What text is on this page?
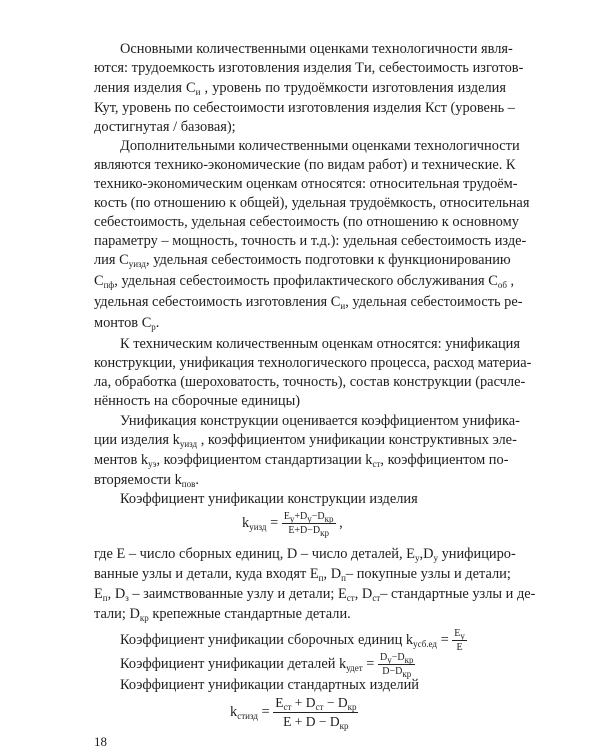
Основными количественными оценками технологичности явля-
ются: трудоемкость изготовления изделия Tи, себестоимость изготов-
ления изделия $С_и$ , уровень по трудоёмкости изготовления изделия
Кут, уровень по себестоимости изготовления изделия Кст (уровень –
достигнутая / базовая);
Дополнительными количественными оценками технологичности
являются технико-экономические (по видам работ) и технические. К
технико-экономическим оценкам относятся: относительная трудоём-
кость (по отношению к общей), удельная трудоёмкость, относительная
себестоимость, удельная себестоимость (по отношению к основному
параметру – мощность, точность и т.д.): удельная себестоимость изде-
лия $С_{уизд}$, удельная себестоимость подготовки к функционированию
$С_{пф}$, удельная себестоимость профилактического обслуживания $С_{об}$ ,
удельная себестоимость изготовления $С_и$, удельная себестоимость ре-
монтов $С_р$.
К техническим количественным оценкам относятся: унификация
конструкции, унификация технологического процесса, расход материа-
ла, обработка (шероховатость, точность), состав конструкции (расчле-
нённость на сборочные единицы)
Унификация конструкции оценивается коэффициентом унифика-
ции изделия $k_{уизд}$ , коэффициентом унификации конструктивных эле-
ментов $k_{уэ}$, коэффициентом стандартизации $k_{ст}$, коэффициентом по-
вторяемости $k_{пов}$.
Коэффициент унификации конструкции изделия
$k_{уизд} = \frac{Е_у+D_у-D_{кр}}{Е+D-D_{кр}}$ ,
где Е – число сборных единиц, D – число деталей, $Е_у,D_у$ унифициро-
ванные узлы и детали, куда входят $Е_п$, $D_п-$ покупные узлы и детали;
$Е_п$, $D_з$ – заимствованные узлу и детали; $Е_{ст}$, $D_{ст}-$ стандартные узлы и де-
тали; $D_{кр}$ крепежные стандартные детали.
Коэффициент унификации сборочных единиц $k_{усб.ед} = \frac{Е_у}{Е}$
Коэффициент унификации деталей $k_{удет} = \frac{D_у-D_{кр}}{D-D_{кр}}$
Коэффициент унификации стандартных изделий
$k_{стизд} = \frac{Е_{ст} + D_{ст} - D_{кр}}{Е + D - D_{кр}}$
18
